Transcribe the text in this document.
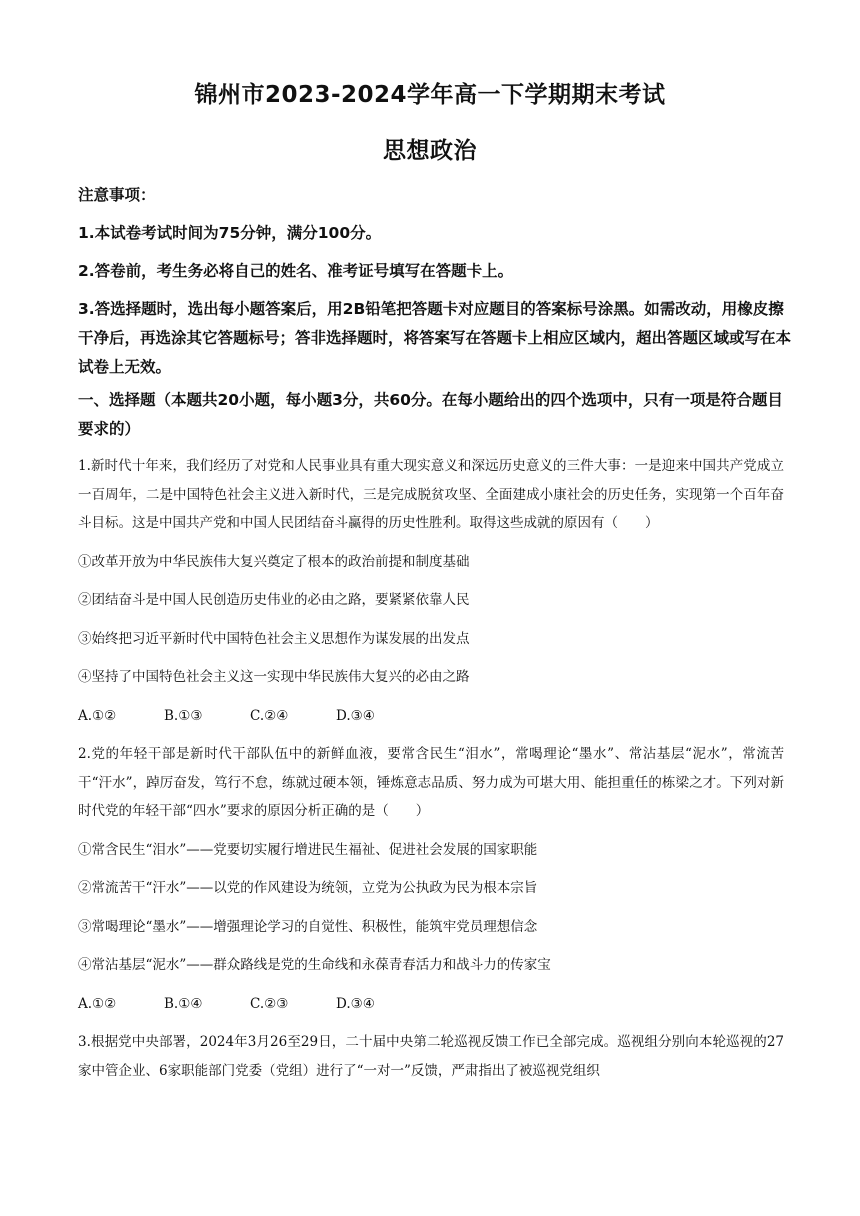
锦州市2023-2024学年高一下学期期末考试
思想政治

注意事项：

1.本试卷考试时间为75分钟，满分100分。

2.答卷前，考生务必将自己的姓名、准考证号填写在答题卡上。

3.答选择题时，选出每小题答案后，用2B铅笔把答题卡对应题目的答案标号涂黑。如需改动，用橡皮擦干净后，再选涂其它答题标号；答非选择题时，将答案写在答题卡上相应区域内，超出答题区域或写在本试卷上无效。

一、选择题（本题共20小题，每小题3分，共60分。在每小题给出的四个选项中，只有一项是符合题目要求的）

1.新时代十年来，我们经历了对党和人民事业具有重大现实意义和深远历史意义的三件大事：一是迎来中国共产党成立一百周年，二是中国特色社会主义进入新时代，三是完成脱贫攻坚、全面建成小康社会的历史任务，实现第一个百年奋斗目标。这是中国共产党和中国人民团结奋斗赢得的历史性胜利。取得这些成就的原因有（　　）

①改革开放为中华民族伟大复兴奠定了根本的政治前提和制度基础

②团结奋斗是中国人民创造历史伟业的必由之路，要紧紧依靠人民

③始终把习近平新时代中国特色社会主义思想作为谋发展的出发点

④坚持了中国特色社会主义这一实现中华民族伟大复兴的必由之路

A.①②	B.①③	C.②④	D.③④

2.党的年轻干部是新时代干部队伍中的新鲜血液，要常含民生“泪水”，常喝理论“墨水”、常沾基层“泥水”，常流苦干“汗水”，踔厉奋发，笃行不怠，练就过硬本领，锤炼意志品质、努力成为可堪大用、能担重任的栋梁之才。下列对新时代党的年轻干部“四水”要求的原因分析正确的是（　　）

①常含民生“泪水”——党要切实履行增进民生福祉、促进社会发展的国家职能

②常流苦干“汗水”——以党的作风建设为统领，立党为公执政为民为根本宗旨

③常喝理论“墨水”——增强理论学习的自觉性、积极性，能筑牢党员理想信念

④常沾基层“泥水”——群众路线是党的生命线和永葆青春活力和战斗力的传家宝

A.①②	B.①④	C.②③	D.③④

3.根据党中央部署，2024年3月26至29日，二十届中央第二轮巡视反馈工作已全部完成。巡视组分别向本轮巡视的27家中管企业、6家职能部门党委（党组）进行了“一对一”反馈，严肃指出了被巡视党组织
